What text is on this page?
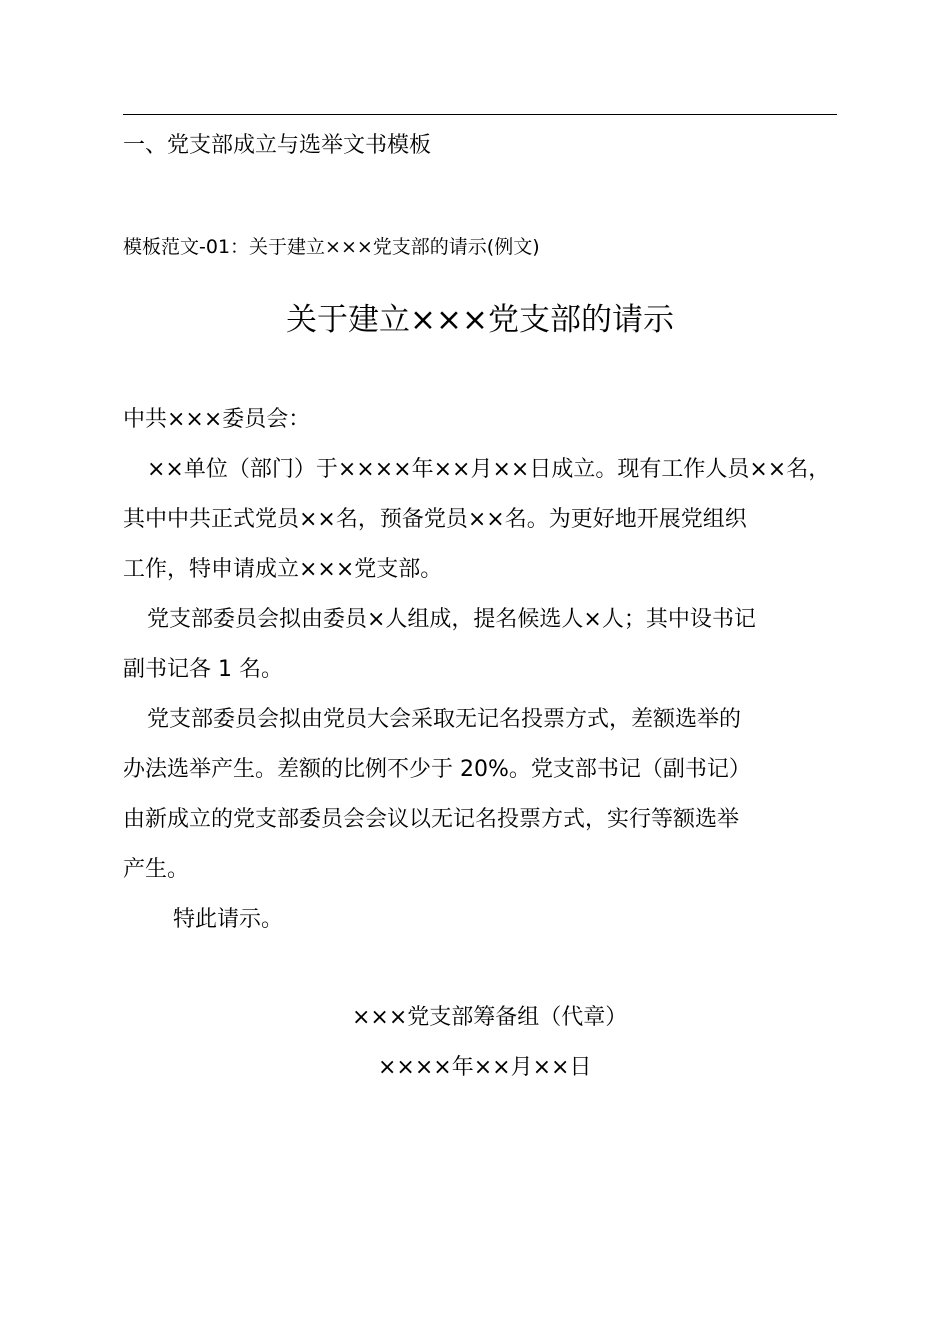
一、党支部成立与选举文书模板
模板范文-01：关于建立×××党支部的请示(例文)
关于建立×××党支部的请示
中共×××委员会：
××单位（部门）于××××年××月××日成立。现有工作人员××名，
其中中共正式党员××名，预备党员××名。为更好地开展党组织
工作，特申请成立×××党支部。
党支部委员会拟由委员×人组成，提名候选人×人；其中设书记
副书记各 1 名。
党支部委员会拟由党员大会采取无记名投票方式，差额选举的
办法选举产生。差额的比例不少于 20%。党支部书记（副书记）
由新成立的党支部委员会会议以无记名投票方式，实行等额选举
产生。
特此请示。
×××党支部筹备组（代章）
××××年××月××日
